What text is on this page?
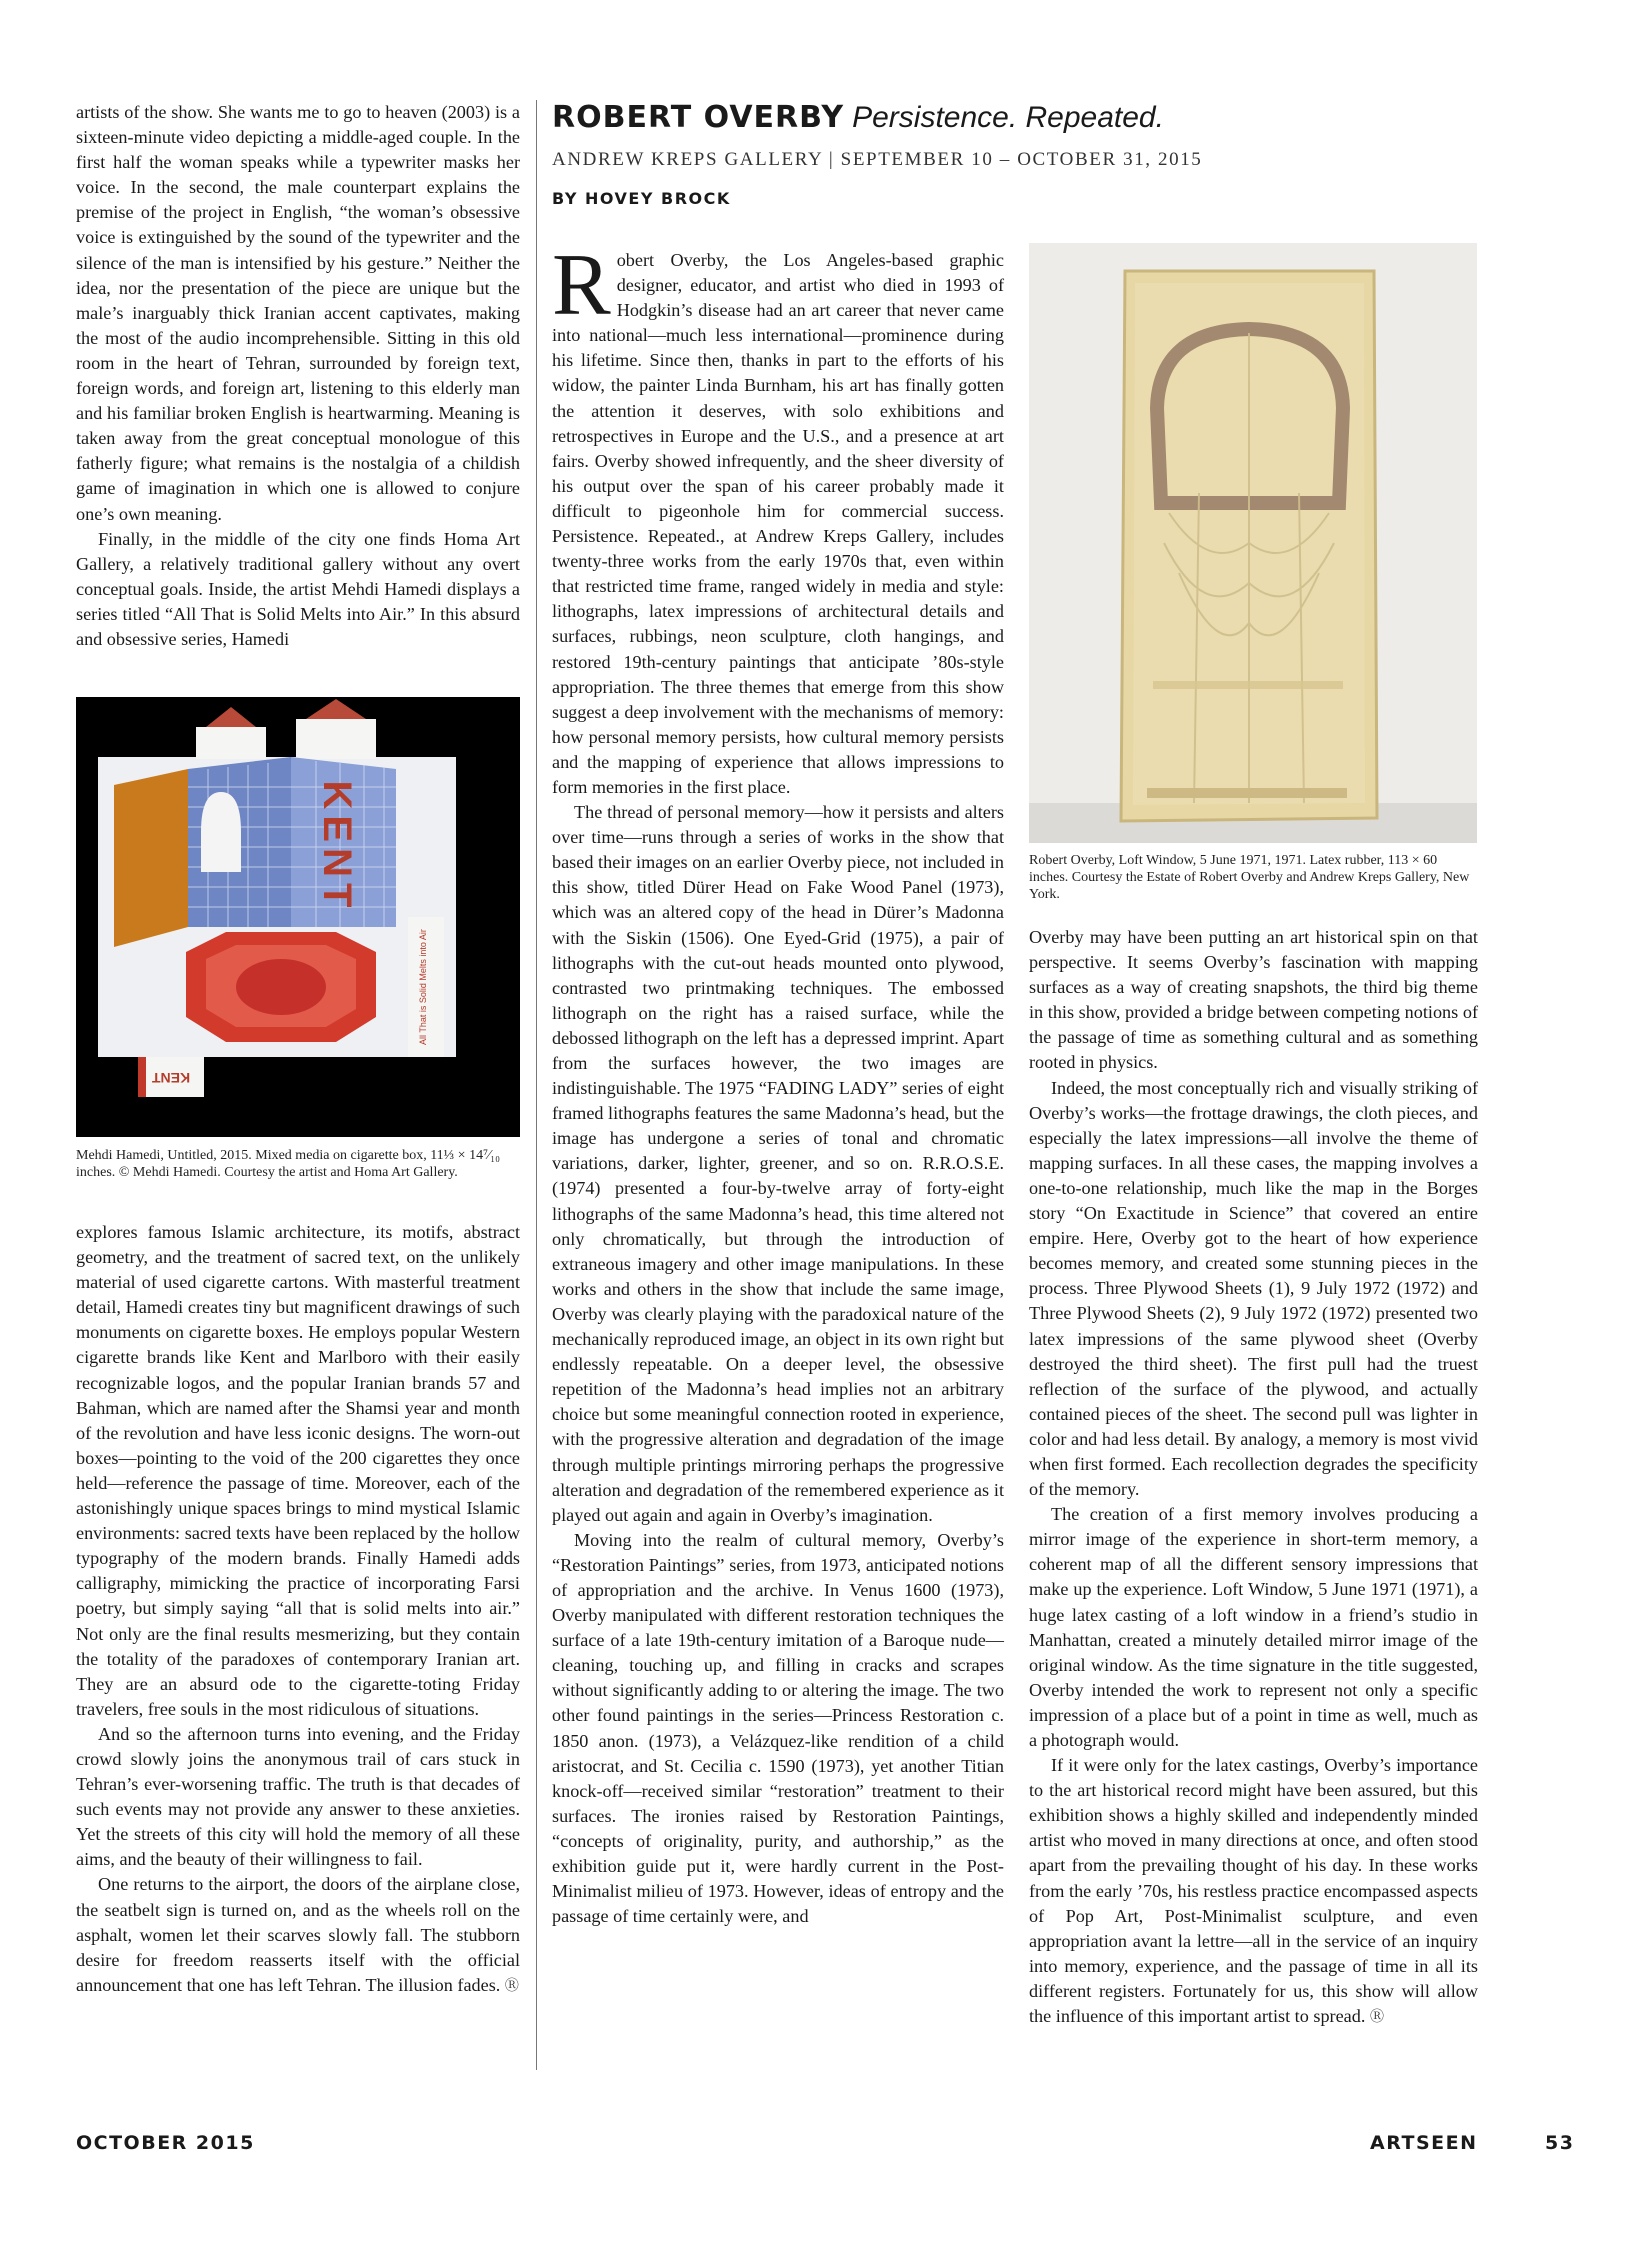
artists of the show. She wants me to go to heaven (2003) is a sixteen-minute video depicting a middle-aged couple. In the first half the woman speaks while a typewriter masks her voice. In the second, the male counterpart explains the premise of the project in English, “the woman’s obsessive voice is extinguished by the sound of the typewriter and the silence of the man is intensified by his gesture.” Neither the idea, nor the presentation of the piece are unique but the male’s inarguably thick Iranian accent captivates, making the most of the audio incomprehensible. Sitting in this old room in the heart of Tehran, surrounded by foreign text, foreign words, and foreign art, listening to this elderly man and his familiar broken English is heartwarming. Meaning is taken away from the great conceptual monologue of this fatherly figure; what remains is the nostalgia of a childish game of imagination in which one is allowed to conjure one’s own meaning.

Finally, in the middle of the city one finds Homa Art Gallery, a relatively traditional gallery without any overt conceptual goals. Inside, the artist Mehdi Hamedi displays a series titled “All That is Solid Melts into Air.” In this absurd and obsessive series, Hamedi

KENT
All That is Solid Melts into Air
KENT
Mehdi Hamedi, Untitled, 2015. Mixed media on cigarette box, 11⅓ × 14⁷⁄₁₀ inches. © Mehdi Hamedi. Courtesy the artist and Homa Art Gallery.

explores famous Islamic architecture, its motifs, abstract geometry, and the treatment of sacred text, on the unlikely material of used cigarette cartons. With masterful treatment detail, Hamedi creates tiny but magnificent drawings of such monuments on cigarette boxes. He employs popular Western cigarette brands like Kent and Marlboro with their easily recognizable logos, and the popular Iranian brands 57 and Bahman, which are named after the Shamsi year and month of the revolution and have less iconic designs. The worn-out boxes—pointing to the void of the 200 cigarettes they once held—reference the passage of time. Moreover, each of the astonishingly unique spaces brings to mind mystical Islamic environments: sacred texts have been replaced by the hollow typography of the modern brands. Finally Hamedi adds calligraphy, mimicking the practice of incorporating Farsi poetry, but simply saying “all that is solid melts into air.” Not only are the final results mesmerizing, but they contain the totality of the paradoxes of contemporary Iranian art. They are an absurd ode to the cigarette-toting Friday travelers, free souls in the most ridiculous of situations.

And so the afternoon turns into evening, and the Friday crowd slowly joins the anonymous trail of cars stuck in Tehran’s ever-worsening traffic. The truth is that decades of such events may not provide any answer to these anxieties. Yet the streets of this city will hold the memory of all these aims, and the beauty of their willingness to fail.

One returns to the airport, the doors of the airplane close, the seatbelt sign is turned on, and as the wheels roll on the asphalt, women let their scarves slowly fall. The stubborn desire for freedom reasserts itself with the official announcement that one has left Tehran. The illusion fades. Ⓡ

ROBERT OVERBY Persistence. Repeated.
ANDREW KREPS GALLERY | SEPTEMBER 10 – OCTOBER 31, 2015
BY HOVEY BROCK

Robert Overby, the Los Angeles-based graphic designer, educator, and artist who died in 1993 of Hodgkin’s disease had an art career that never came into national—much less international—prominence during his lifetime. Since then, thanks in part to the efforts of his widow, the painter Linda Burnham, his art has finally gotten the attention it deserves, with solo exhibitions and retrospectives in Europe and the U.S., and a presence at art fairs. Overby showed infrequently, and the sheer diversity of his output over the span of his career probably made it difficult to pigeonhole him for commercial success. Persistence. Repeated., at Andrew Kreps Gallery, includes twenty-three works from the early 1970s that, even within that restricted time frame, ranged widely in media and style: lithographs, latex impressions of architectural details and surfaces, rubbings, neon sculpture, cloth hangings, and restored 19th-century paintings that anticipate ’80s-style appropriation. The three themes that emerge from this show suggest a deep involvement with the mechanisms of memory: how personal memory persists, how cultural memory persists and the mapping of experience that allows impressions to form memories in the first place.

The thread of personal memory—how it persists and alters over time—runs through a series of works in the show that based their images on an earlier Overby piece, not included in this show, titled Dürer Head on Fake Wood Panel (1973), which was an altered copy of the head in Dürer’s Madonna with the Siskin (1506). One Eyed-Grid (1975), a pair of lithographs with the cut-out heads mounted onto plywood, contrasted two printmaking techniques. The embossed lithograph on the right has a raised surface, while the debossed lithograph on the left has a depressed imprint. Apart from the surfaces however, the two images are indistinguishable. The 1975 “FADING LADY” series of eight framed lithographs features the same Madonna’s head, but the image has undergone a series of tonal and chromatic variations, darker, lighter, greener, and so on. R.R.O.S.E. (1974) presented a four-by-twelve array of forty-eight lithographs of the same Madonna’s head, this time altered not only chromatically, but through the introduction of extraneous imagery and other image manipulations. In these works and others in the show that include the same image, Overby was clearly playing with the paradoxical nature of the mechanically reproduced image, an object in its own right but endlessly repeatable. On a deeper level, the obsessive repetition of the Madonna’s head implies not an arbitrary choice but some meaningful connection rooted in experience, with the progressive alteration and degradation of the image through multiple printings mirroring perhaps the progressive alteration and degradation of the remembered experience as it played out again and again in Overby’s imagination.

Moving into the realm of cultural memory, Overby’s “Restoration Paintings” series, from 1973, anticipated notions of appropriation and the archive. In Venus 1600 (1973), Overby manipulated with different restoration techniques the surface of a late 19th-century imitation of a Baroque nude—cleaning, touching up, and filling in cracks and scrapes without significantly adding to or altering the image. The two other found paintings in the series—Princess Restoration c. 1850 anon. (1973), a Velázquez-like rendition of a child aristocrat, and St. Cecilia c. 1590 (1973), yet another Titian knock-off—received similar “restoration” treatment to their surfaces. The ironies raised by Restoration Paintings, “concepts of originality, purity, and authorship,” as the exhibition guide put it, were hardly current in the Post-Minimalist milieu of 1973. However, ideas of entropy and the passage of time certainly were, and

Robert Overby, Loft Window, 5 June 1971, 1971. Latex rubber, 113 × 60 inches. Courtesy the Estate of Robert Overby and Andrew Kreps Gallery, New York.

Overby may have been putting an art historical spin on that perspective. It seems Overby’s fascination with mapping surfaces as a way of creating snapshots, the third big theme in this show, provided a bridge between competing notions of the passage of time as something cultural and as something rooted in physics.

Indeed, the most conceptually rich and visually striking of Overby’s works—the frottage drawings, the cloth pieces, and especially the latex impressions—all involve the theme of mapping surfaces. In all these cases, the mapping involves a one-to-one relationship, much like the map in the Borges story “On Exactitude in Science” that covered an entire empire. Here, Overby got to the heart of how experience becomes memory, and created some stunning pieces in the process. Three Plywood Sheets (1), 9 July 1972 (1972) and Three Plywood Sheets (2), 9 July 1972 (1972) presented two latex impressions of the same plywood sheet (Overby destroyed the third sheet). The first pull had the truest reflection of the surface of the plywood, and actually contained pieces of the sheet. The second pull was lighter in color and had less detail. By analogy, a memory is most vivid when first formed. Each recollection degrades the specificity of the memory.

The creation of a first memory involves producing a mirror image of the experience in short-term memory, a coherent map of all the different sensory impressions that make up the experience. Loft Window, 5 June 1971 (1971), a huge latex casting of a loft window in a friend’s studio in Manhattan, created a minutely detailed mirror image of the original window. As the time signature in the title suggested, Overby intended the work to represent not only a specific impression of a place but of a point in time as well, much as a photograph would.

If it were only for the latex castings, Overby’s importance to the art historical record might have been assured, but this exhibition shows a highly skilled and independently minded artist who moved in many directions at once, and often stood apart from the prevailing thought of his day. In these works from the early ’70s, his restless practice encompassed aspects of Pop Art, Post-Minimalist sculpture, and even appropriation avant la lettre—all in the service of an inquiry into memory, experience, and the passage of time in all its different registers. Fortunately for us, this show will allow the influence of this important artist to spread. Ⓡ

OCTOBER 2015	ARTSEEN	53
